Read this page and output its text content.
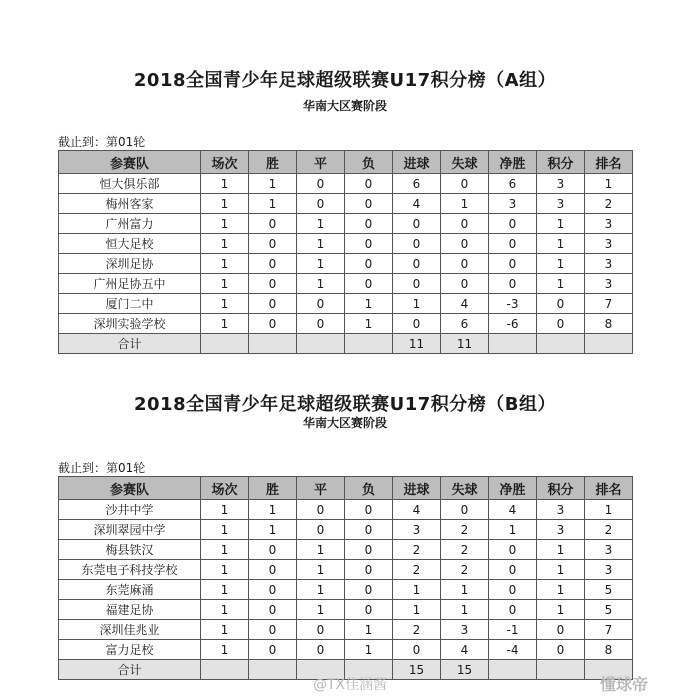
2018全国青少年足球超级联赛U17积分榜（A组）
华南大区赛阶段
截止到：第01轮
参赛队	场次	胜	平	负	进球	失球	净胜	积分	排名
恒大俱乐部	1	1	0	0	6	0	6	3	1
梅州客家	1	1	0	0	4	1	3	3	2
广州富力	1	0	1	0	0	0	0	1	3
恒大足校	1	0	1	0	0	0	0	1	3
深圳足协	1	0	1	0	0	0	0	1	3
广州足协五中	1	0	1	0	0	0	0	1	3
厦门二中	1	0	0	1	1	4	-3	0	7
深圳实验学校	1	0	0	1	0	6	-6	0	8
合计					11	11			
2018全国青少年足球超级联赛U17积分榜（B组）
华南大区赛阶段
截止到：第01轮
参赛队	场次	胜	平	负	进球	失球	净胜	积分	排名
沙井中学	1	1	0	0	4	0	4	3	1
深圳翠园中学	1	1	0	0	3	2	1	3	2
梅县铁汉	1	0	1	0	2	2	0	1	3
东莞电子科技学校	1	0	1	0	2	2	0	1	3
东莞麻涌	1	0	1	0	1	1	0	1	5
福建足协	1	0	1	0	1	1	0	1	5
深圳佳兆业	1	0	0	1	2	3	-1	0	7
富力足校	1	0	0	1	0	4	-4	0	8
合计					15	15			
@TX佳涵酱	懂球帝
